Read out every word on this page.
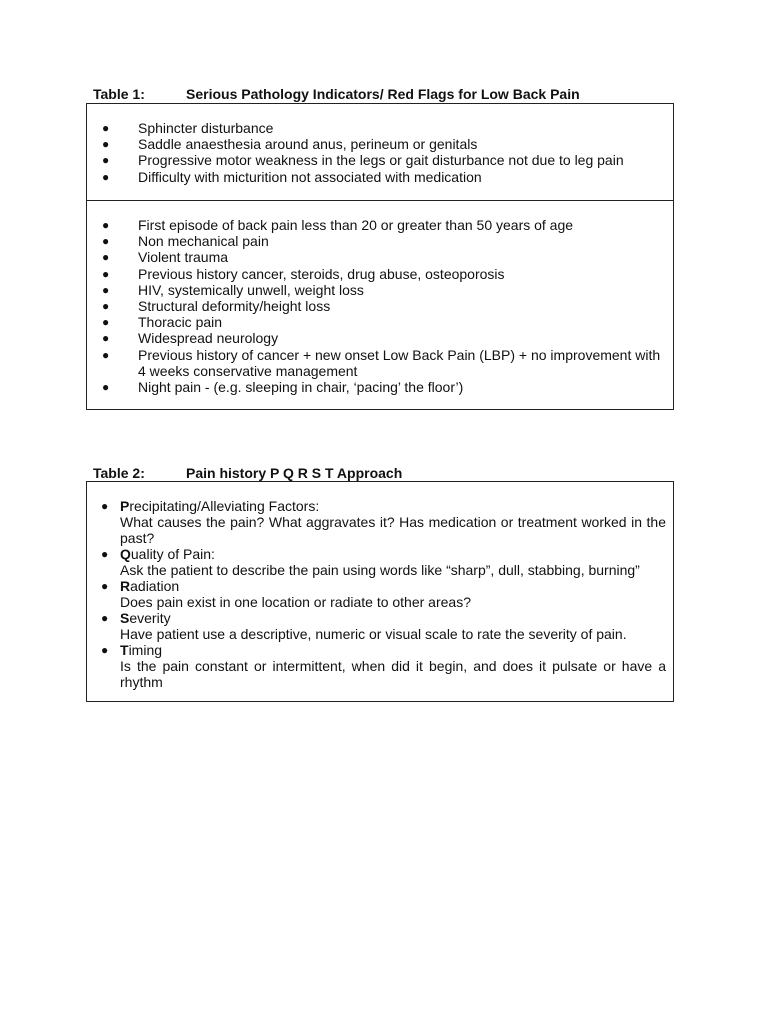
Table 1:	Serious Pathology Indicators/ Red Flags for Low Back Pain
● Sphincter disturbance
● Saddle anaesthesia around anus, perineum or genitals
● Progressive motor weakness in the legs or gait disturbance not due to leg pain
● Difficulty with micturition not associated with medication
● First episode of back pain less than 20 or greater than 50 years of age
● Non mechanical pain
● Violent trauma
● Previous history cancer, steroids, drug abuse, osteoporosis
● HIV, systemically unwell, weight loss
● Structural deformity/height loss
● Thoracic pain
● Widespread neurology
● Previous history of cancer + new onset Low Back Pain (LBP) + no improvement with 4 weeks conservative management
● Night pain - (e.g. sleeping in chair, ‘pacing’ the floor’)
Table 2:	Pain history P Q R S T Approach
● Precipitating/Alleviating Factors:
What causes the pain? What aggravates it? Has medication or treatment worked in the past?
● Quality of Pain:
Ask the patient to describe the pain using words like “sharp”, dull, stabbing, burning”
● Radiation
Does pain exist in one location or radiate to other areas?
● Severity
Have patient use a descriptive, numeric or visual scale to rate the severity of pain.
● Timing
Is the pain constant or intermittent, when did it begin, and does it pulsate or have a rhythm
